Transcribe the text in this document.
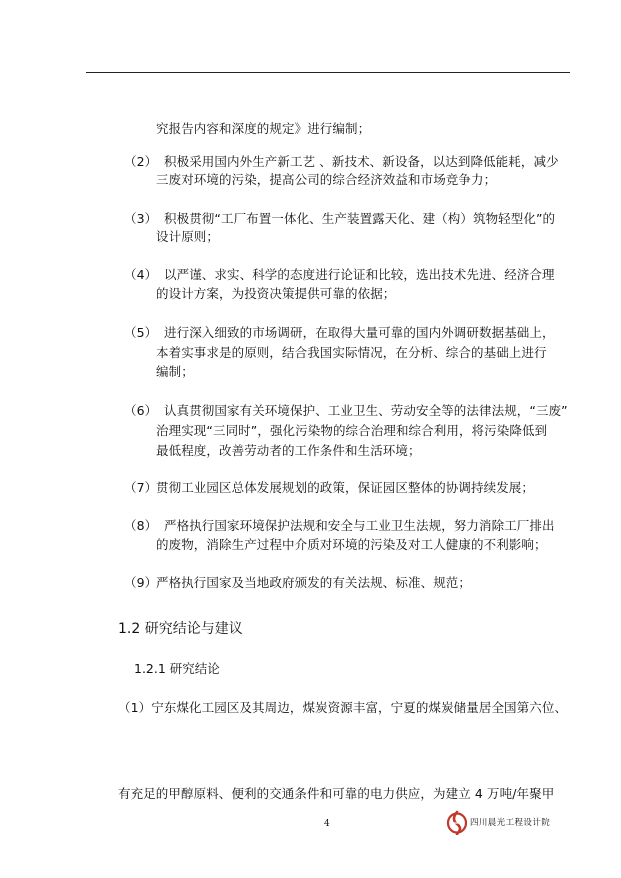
究报告内容和深度的规定》进行编制；
（2） 积极采用国内外生产新工艺 、新技术、新设备，以达到降低能耗，减少
三废对环境的污染，提高公司的综合经济效益和市场竞争力；
（3） 积极贯彻“工厂布置一体化、生产装置露天化、建（构）筑物轻型化”的
设计原则；
（4） 以严谨、求实、科学的态度进行论证和比较，选出技术先进、经济合理
的设计方案，为投资决策提供可靠的依据；
（5） 进行深入细致的市场调研，在取得大量可靠的国内外调研数据基础上，
本着实事求是的原则，结合我国实际情况，在分析、综合的基础上进行
编制；
（6） 认真贯彻国家有关环境保护、工业卫生、劳动安全等的法律法规，“三废”
治理实现“三同时”，强化污染物的综合治理和综合利用，将污染降低到
最低程度，改善劳动者的工作条件和生活环境；
（7）
贯彻工业园区总体发展规划的政策，保证园区整体的协调持续发展；
（8） 严格执行国家环境保护法规和安全与工业卫生法规，努力消除工厂排出
的废物，消除生产过程中介质对环境的污染及对工人健康的不利影响；
（9）
严格执行国家及当地政府颁发的有关法规、标准、规范；
1.2 研究结论与建议
1.2.1 研究结论
（1）宁东煤化工园区及其周边，煤炭资源丰富，宁夏的煤炭储量居全国第六位、
有充足的甲醇原料、便利的交通条件和可靠的电力供应，为建立 4 万吨/年聚甲
4	四川晨光工程设计院
